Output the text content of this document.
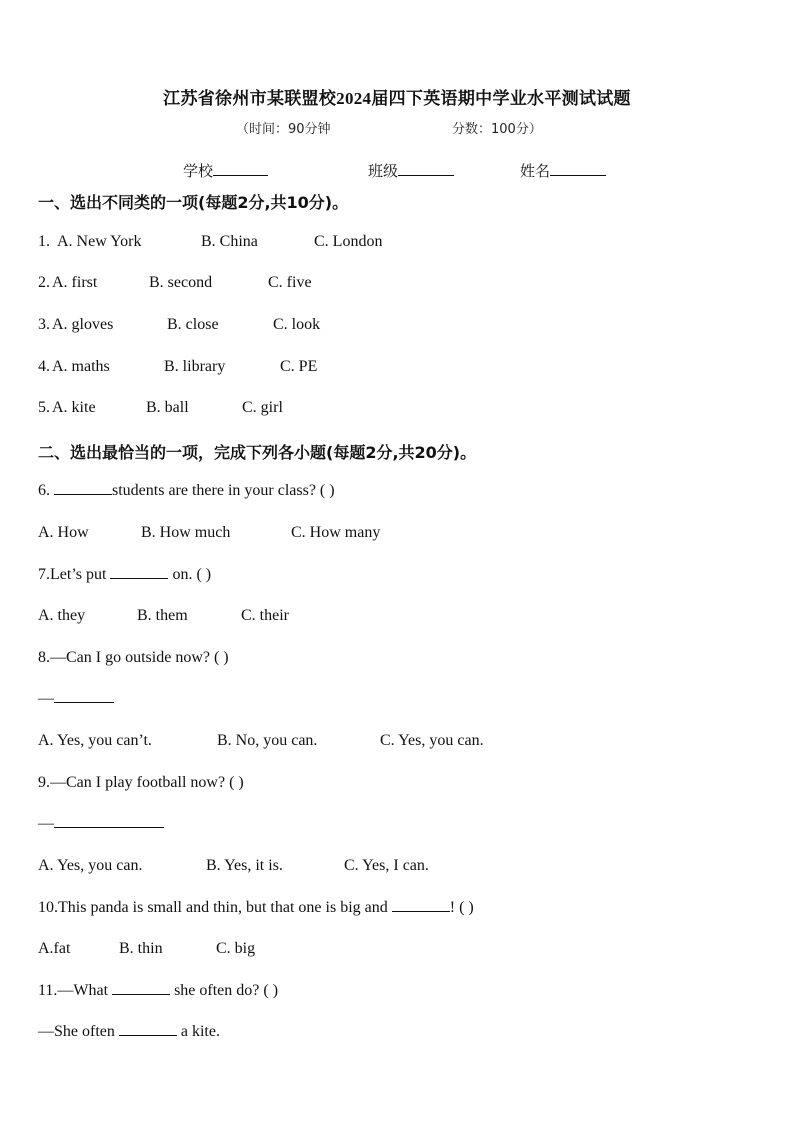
江苏省徐州市某联盟校2024届四下英语期中学业水平测试试题
（时间：90分钟	分数：100分）
学校	班级	姓名
一、选出不同类的一项(每题2分,共10分)。
1. A. New York	B. China	C. London
2. A. first	B. second	C. five
3. A. gloves	B. close	C. look
4. A. maths	B. library	C. PE
5. A. kite	B. ball	C. girl
二、选出最恰当的一项，完成下列各小题(每题2分,共20分)。
6.	students are there in your class? ( )
A. How	B. How much	C. How many
7.Let’s put	on. ( )
A. they	B. them	C. their
8.—Can I go outside now? ( )
—
A. Yes, you can’t.	B. No, you can.	C. Yes, you can.
9.—Can I play football now? ( )
—
A. Yes, you can.	B. Yes, it is.	C. Yes, I can.
10.This panda is small and thin, but that one is big and	! ( )
A.fat	B. thin	C. big
11.—What	she often do? ( )
—She often	a kite.
